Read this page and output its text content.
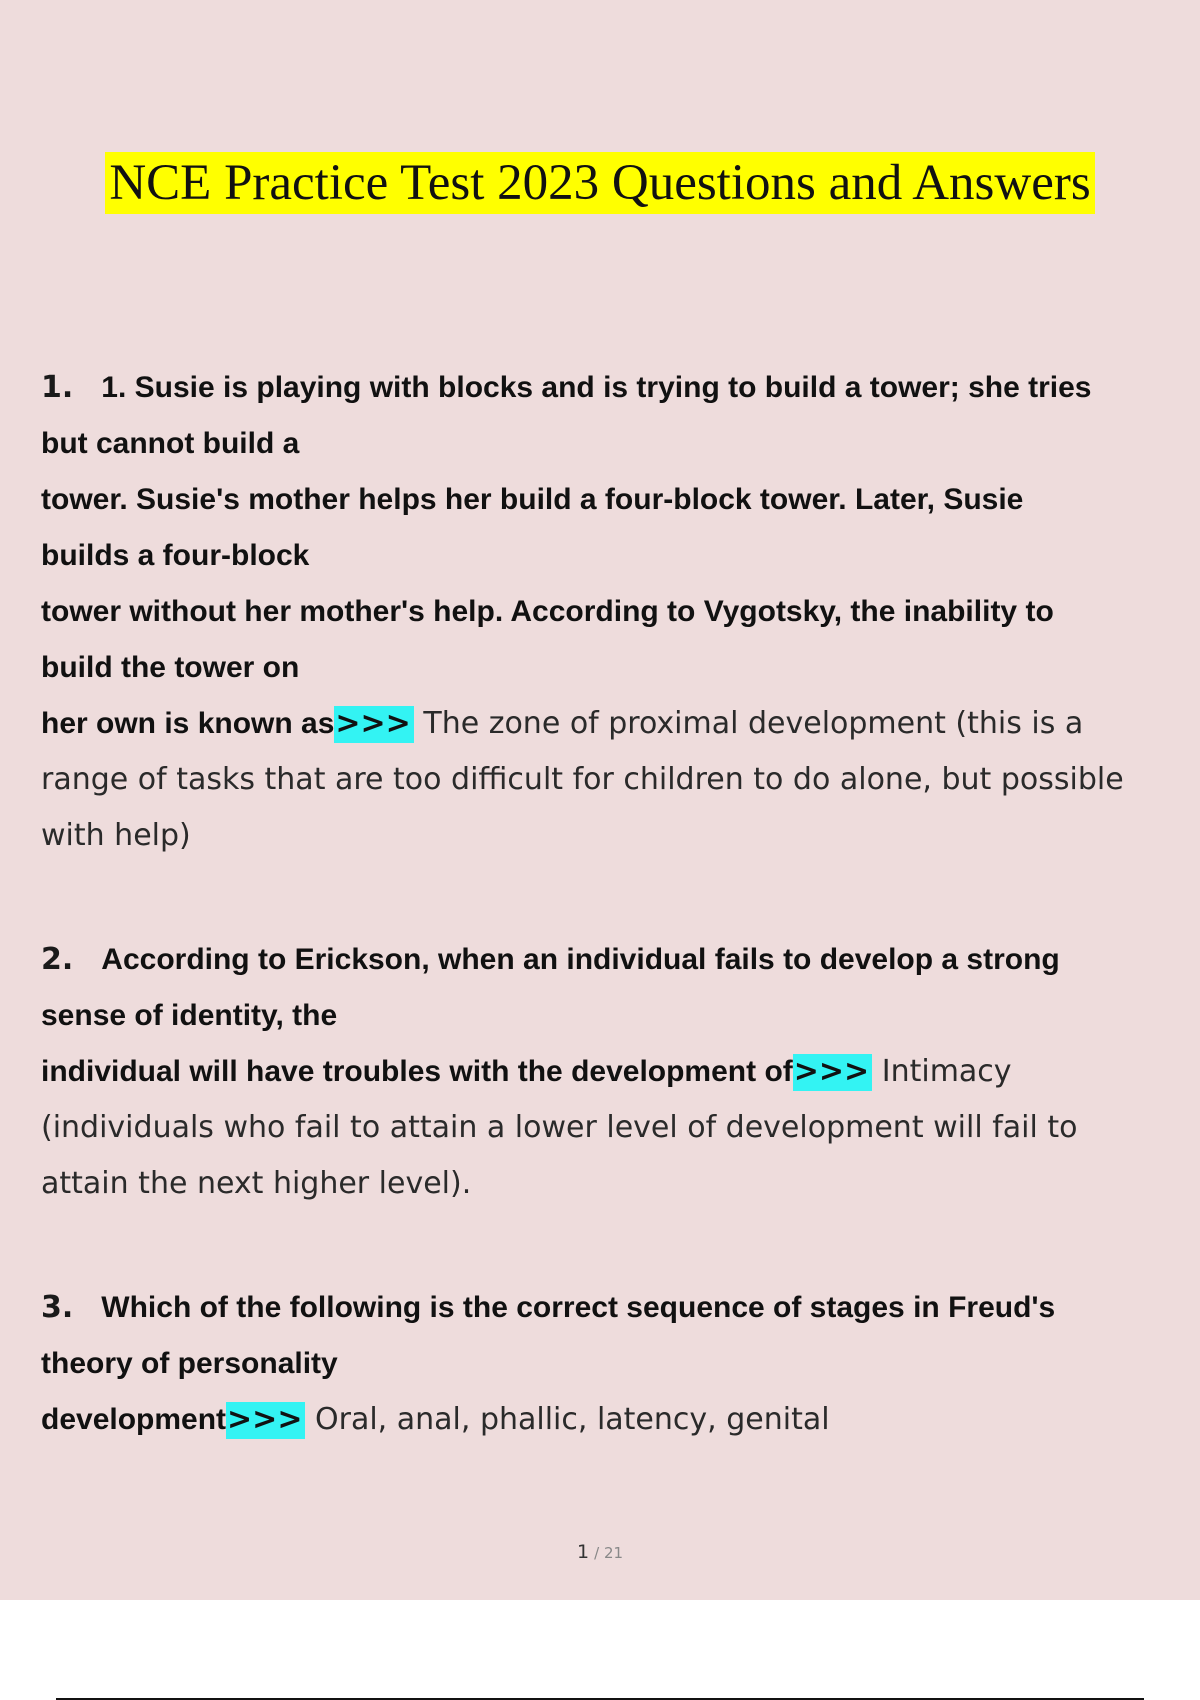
NCE Practice Test 2023 Questions and Answers
1. 1. Susie is playing with blocks and is trying to build a tower; she tries
but cannot build a
tower. Susie's mother helps her build a four-block tower. Later, Susie
builds a four-block
tower without her mother's help. According to Vygotsky, the inability to
build the tower on
her own is known as>>> The zone of proximal development (this is a range of tasks that are too difficult for children to do alone, but possible with help)
2. According to Erickson, when an individual fails to develop a strong
sense of identity, the
individual will have troubles with the development of>>> Intimacy (individuals who fail to attain a lower level of development will fail to attain the next higher level).
3. Which of the following is the correct sequence of stages in Freud's
theory of personality
development>>> Oral, anal, phallic, latency, genital
1 / 21
